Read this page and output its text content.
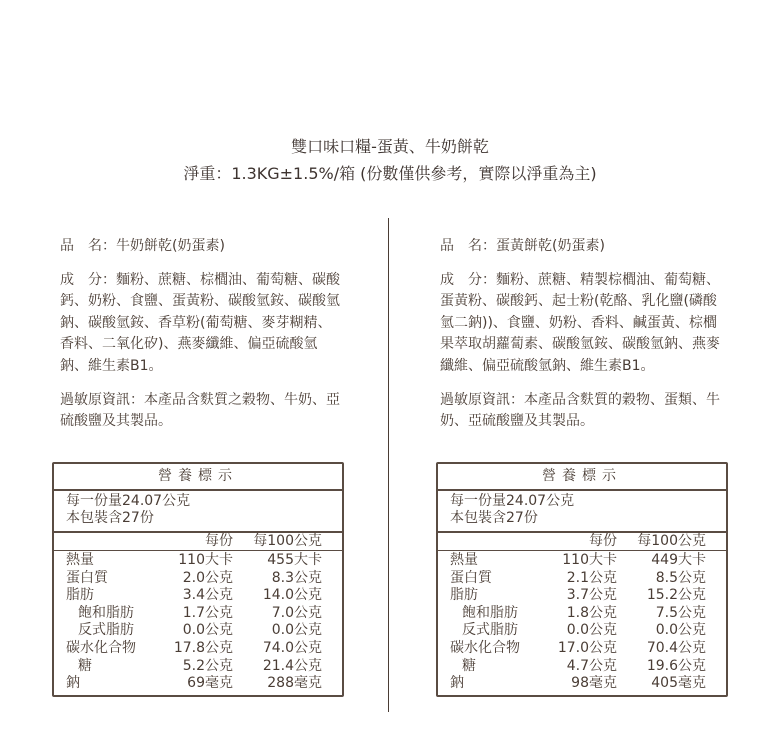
雙口味口糧-蛋黃、牛奶餅乾
淨重：1.3KG±1.5%/箱 (份數僅供參考，實際以淨重為主)

品　名：牛奶餅乾(奶蛋素)

成　分：麵粉、蔗糖、棕櫚油、葡萄糖、碳酸鈣、奶粉、食鹽、蛋黃粉、碳酸氫銨、碳酸氫鈉、碳酸氫銨、香草粉(葡萄糖、麥芽糊精、香料、二氧化矽)、燕麥纖維、偏亞硫酸氫鈉、維生素B1。

過敏原資訊：本產品含麩質之穀物、牛奶、亞硫酸鹽及其製品。

營養標示
每一份量24.07公克
本包裝含27份
每份 每100公克
熱量	110大卡 455大卡
蛋白質	2.0公克	8.3公克
脂肪	3.4公克 14.0公克
飽和脂肪	1.7公克	7.0公克
反式脂肪	0.0公克	0.0公克
碳水化合物	17.8公克 74.0公克
糖	5.2公克 21.4公克
鈉	69毫克 288毫克

品　名：蛋黃餅乾(奶蛋素)

成　分：麵粉、蔗糖、精製棕櫚油、葡萄糖、蛋黃粉、碳酸鈣、起士粉(乾酪、乳化鹽(磷酸氫二鈉))、食鹽、奶粉、香料、鹹蛋黃、棕櫚果萃取胡蘿蔔素、碳酸氫銨、碳酸氫鈉、燕麥纖維、偏亞硫酸氫鈉、維生素B1。

過敏原資訊：本產品含麩質的穀物、蛋類、牛奶、亞硫酸鹽及其製品。

營養標示
每一份量24.07公克
本包裝含27份
每份 每100公克
熱量	110大卡 449大卡
蛋白質	2.1公克	8.5公克
脂肪	3.7公克 15.2公克
飽和脂肪	1.8公克	7.5公克
反式脂肪	0.0公克	0.0公克
碳水化合物	17.0公克 70.4公克
糖	4.7公克 19.6公克
鈉	98毫克 405毫克
